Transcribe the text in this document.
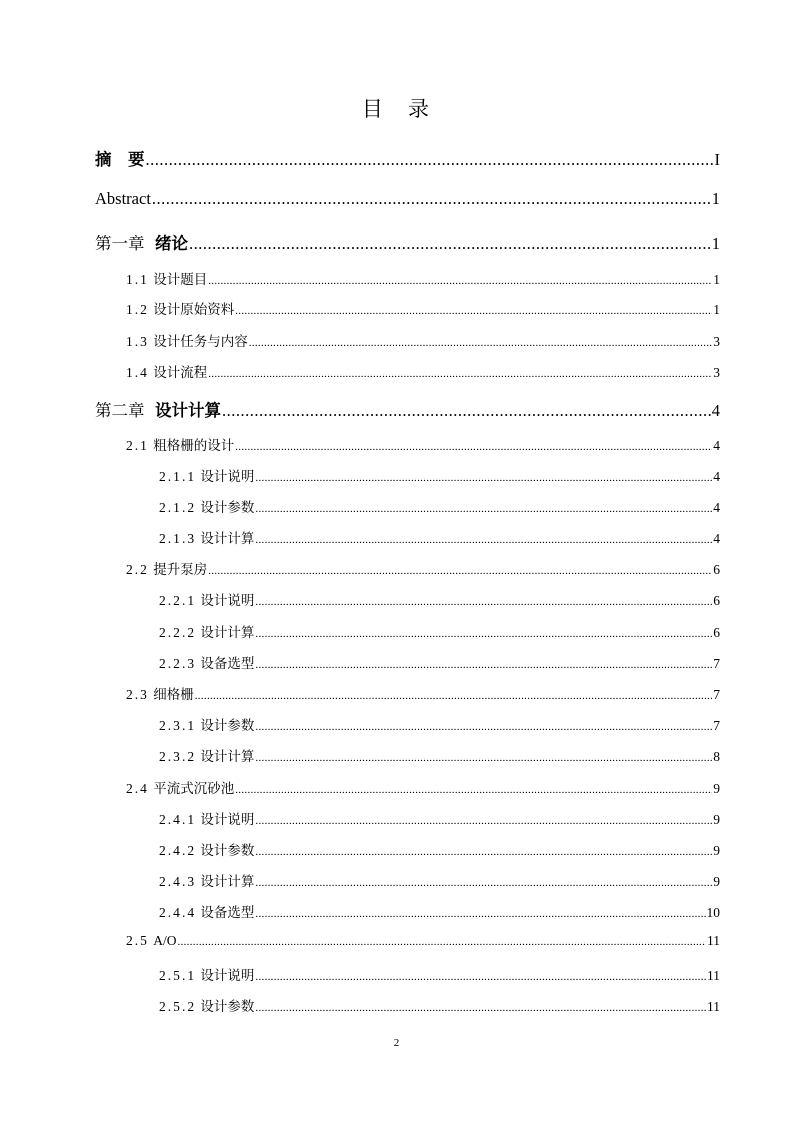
目　录
摘　要 .....	I
Abstract .....	1
第一章 绪论 .....	1
1.1 设计题目 .....	1
1.2 设计原始资料 .....	1
1.3 设计任务与内容 .....	3
1.4 设计流程 .....	3
第二章 设计计算 .....	4
2.1 粗格栅的设计 .....	4
2.1.1 设计说明 .....	4
2.1.2 设计参数 .....	4
2.1.3 设计计算 .....	4
2.2 提升泵房 .....	6
2.2.1 设计说明 .....	6
2.2.2 设计计算 .....	6
2.2.3 设备选型 .....	7
2.3 细格栅 .....	7
2.3.1 设计参数 .....	7
2.3.2 设计计算 .....	8
2.4 平流式沉砂池 .....	9
2.4.1 设计说明 .....	9
2.4.2 设计参数 .....	9
2.4.3 设计计算 .....	9
2.4.4 设备选型 .....	10
2.5 A/O .....	11
2.5.1 设计说明 .....	11
2.5.2 设计参数 .....	11
2
